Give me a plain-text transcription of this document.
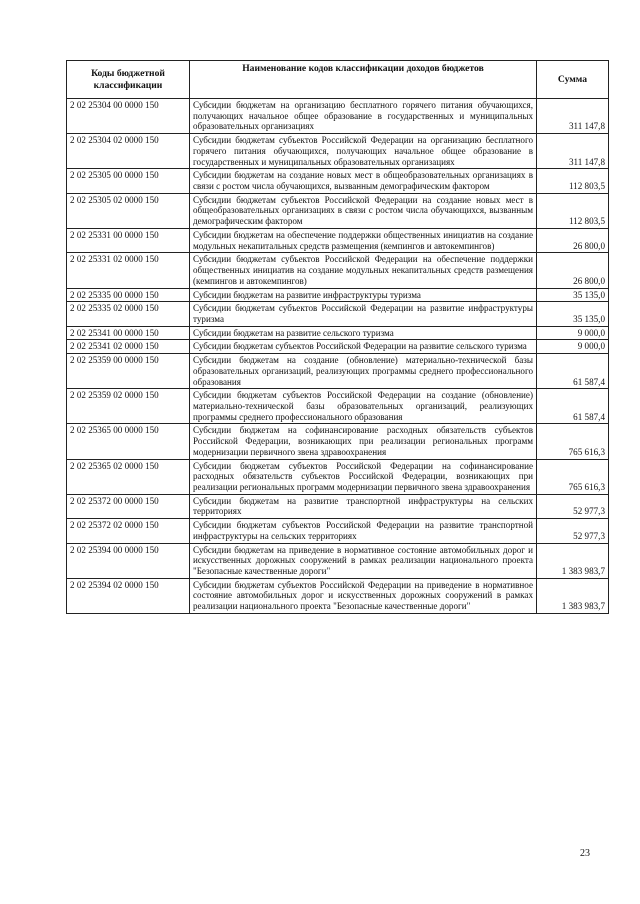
Коды бюджетной классификации	Наименование кодов классификации доходов бюджетов	Сумма
2 02 25304 00 0000 150	Субсидии бюджетам на организацию бесплатного горячего питания обучающихся, получающих начальное общее образование в государственных и муниципальных образовательных организациях	311 147,8
2 02 25304 02 0000 150	Субсидии бюджетам субъектов Российской Федерации на организацию бесплатного горячего питания обучающихся, получающих начальное общее образование в государственных и муниципальных образовательных организациях	311 147,8
2 02 25305 00 0000 150	Субсидии бюджетам на создание новых мест в общеобразовательных организациях в связи с ростом числа обучающихся, вызванным демографическим фактором	112 803,5
2 02 25305 02 0000 150	Субсидии бюджетам субъектов Российской Федерации на создание новых мест в общеобразовательных организациях в связи с ростом числа обучающихся, вызванным демографическим фактором	112 803,5
2 02 25331 00 0000 150	Субсидии бюджетам на обеспечение поддержки общественных инициатив на создание модульных некапитальных средств размещения (кемпингов и автокемпингов)	26 800,0
2 02 25331 02 0000 150	Субсидии бюджетам субъектов Российской Федерации на обеспечение поддержки общественных инициатив на создание модульных некапитальных средств размещения (кемпингов и автокемпингов)	26 800,0
2 02 25335 00 0000 150	Субсидии бюджетам на развитие инфраструктуры туризма	35 135,0
2 02 25335 02 0000 150	Субсидии бюджетам субъектов Российской Федерации на развитие инфраструктуры туризма	35 135,0
2 02 25341 00 0000 150	Субсидии бюджетам на развитие сельского туризма	9 000,0
2 02 25341 02 0000 150	Субсидии бюджетам субъектов Российской Федерации на развитие сельского туризма	9 000,0
2 02 25359 00 0000 150	Субсидии бюджетам на создание (обновление) материально-технической базы образовательных организаций, реализующих программы среднего профессионального образования	61 587,4
2 02 25359 02 0000 150	Субсидии бюджетам субъектов Российской Федерации на создание (обновление) материально-технической базы образовательных организаций, реализующих программы среднего профессионального образования	61 587,4
2 02 25365 00 0000 150	Субсидии бюджетам на софинансирование расходных обязательств субъектов Российской Федерации, возникающих при реализации региональных программ модернизации первичного звена здравоохранения	765 616,3
2 02 25365 02 0000 150	Субсидии бюджетам субъектов Российской Федерации на софинансирование расходных обязательств субъектов Российской Федерации, возникающих при реализации региональных программ модернизации первичного звена здравоохранения	765 616,3
2 02 25372 00 0000 150	Субсидии бюджетам на развитие транспортной инфраструктуры на сельских территориях	52 977,3
2 02 25372 02 0000 150	Субсидии бюджетам субъектов Российской Федерации на развитие транспортной инфраструктуры на сельских территориях	52 977,3
2 02 25394 00 0000 150	Субсидии бюджетам на приведение в нормативное состояние автомобильных дорог и искусственных дорожных сооружений в рамках реализации национального проекта "Безопасные качественные дороги"	1 383 983,7
2 02 25394 02 0000 150	Субсидии бюджетам субъектов Российской Федерации на приведение в нормативное состояние автомобильных дорог и искусственных дорожных сооружений в рамках реализации национального проекта "Безопасные качественные дороги"	1 383 983,7
23
